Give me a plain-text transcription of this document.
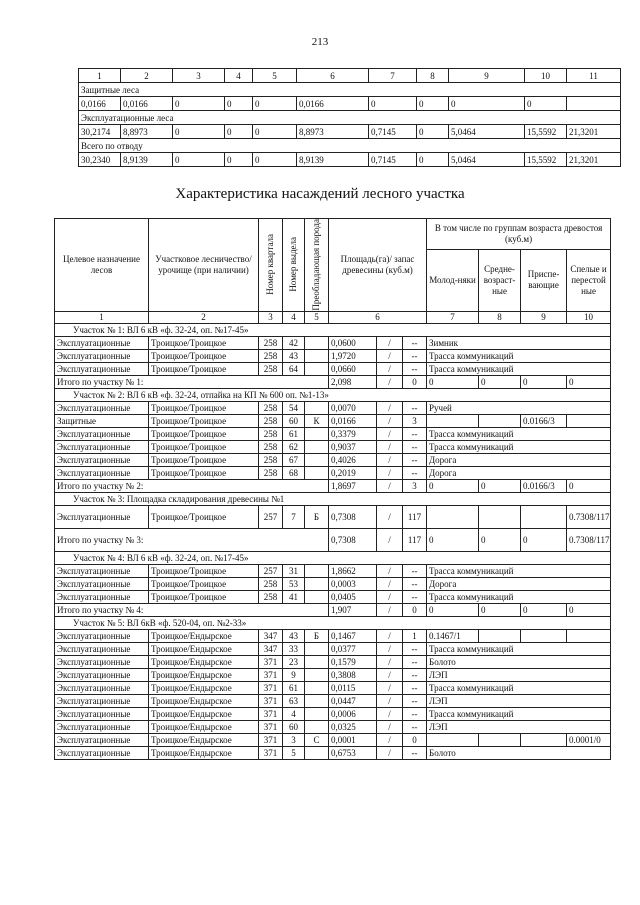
213
1	2	3	4	5	6	7	8	9	10	11
Защитные леса										
0,0166	0,0166	0	0	0	0,0166	0	0	0	0	
Эксплуатационные леса										
30,2174	8,8973	0	0	0	8,8973	0,7145	0	5,0464	15,5592	21,3201
Всего по отводу										
30,2340	8,9139	0	0	0	8,9139	0,7145	0	5,0464	15,5592	21,3201
Характеристика насаждений лесного участка
Целевое назначение лесов	Участковое лесничество/ урочище (при наличии)	Номер квартала	Номер выдела	Преобладающая порода	Площадь(га)/ запас древесины (куб.м)			В том числе по группам возраста древостоя (куб.м)			
								Молод-няки	Средне-возраст-ные	Приспе-вающие	Спелые и перестой ные
1	2	3	4	5	6			7	8	9	10
Участок № 1: ВЛ 6 кВ «ф. 32-24, оп. №17-45»											
Эксплуатационные	Троицкое/Троицкое	258	42		0,0600	/	--	Зимник			
Эксплуатационные	Троицкое/Троицкое	258	43		1,9720	/	--	Трасса коммуникаций			
Эксплуатационные	Троицкое/Троицкое	258	64		0,0660	/	--	Трасса коммуникаций			
Итого по участку № 1:					2,098	/	0	0	0	0	0
Участок № 2: ВЛ 6 кВ «ф. 32-24, отпайка на КП № 600 оп. №1-13»											
Эксплуатационные	Троицкое/Троицкое	258	54		0,0070	/	--	Ручей			
Защитные	Троицкое/Троицкое	258	60	К	0,0166	/	3			0.0166/3	
Эксплуатационные	Троицкое/Троицкое	258	61		0,3379	/	--	Трасса коммуникаций			
Эксплуатационные	Троицкое/Троицкое	258	62		0,9037	/	--	Трасса коммуникаций			
Эксплуатационные	Троицкое/Троицкое	258	67		0,4026	/	--	Дорога			
Эксплуатационные	Троицкое/Троицкое	258	68		0,2019	/	--	Дорога			
Итого по участку № 2:					1,8697	/	3	0	0	0.0166/3	0
Участок № 3: Площадка складирования древесины №1											
Эксплуатационные	Троицкое/Троицкое	257	7	Б	0,7308	/	117				0.7308/117
Итого по участку № 3:					0,7308	/	117	0	0	0	0.7308/117
Участок № 4: ВЛ 6 кВ «ф. 32-24, оп. №17-45»											
Эксплуатационные	Троицкое/Троицкое	257	31		1,8662	/	--	Трасса коммуникаций			
Эксплуатационные	Троицкое/Троицкое	258	53		0,0003	/	--	Дорога			
Эксплуатационные	Троицкое/Троицкое	258	41		0,0405	/	--	Трасса коммуникаций			
Итого по участку № 4:					1,907	/	0	0	0	0	0
Участок № 5: ВЛ 6кВ «ф. 520-04, оп. №2-33»											
Эксплуатационные	Троицкое/Ендырское	347	43	Б	0,1467	/	1	0.1467/1			
Эксплуатационные	Троицкое/Ендырское	347	33		0,0377	/	--	Трасса коммуникаций			
Эксплуатационные	Троицкое/Ендырское	371	23		0,1579	/	--	Болото			
Эксплуатационные	Троицкое/Ендырское	371	9		0,3808	/	--	ЛЭП			
Эксплуатационные	Троицкое/Ендырское	371	61		0,0115	/	--	Трасса коммуникаций			
Эксплуатационные	Троицкое/Ендырское	371	63		0,0447	/	--	ЛЭП			
Эксплуатационные	Троицкое/Ендырское	371	4		0,0006	/	--	Трасса коммуникаций			
Эксплуатационные	Троицкое/Ендырское	371	60		0,0325	/	--	ЛЭП			
Эксплуатационные	Троицкое/Ендырское	371	3	С	0,0001	/	0				0.0001/0
Эксплуатационные	Троицкое/Ендырское	371	5		0,6753	/	--	Болото			
